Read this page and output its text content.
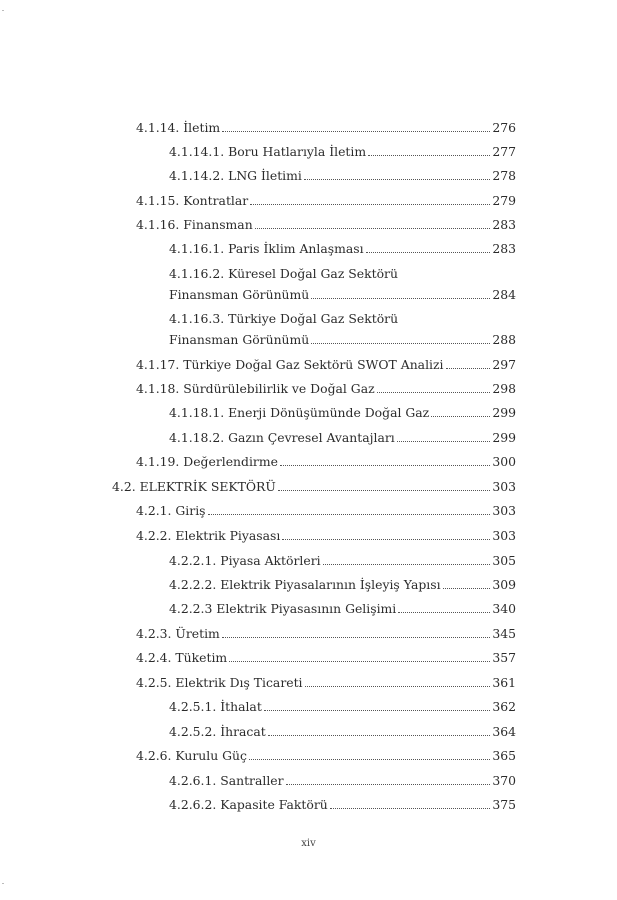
4.1.14. İletim	276
4.1.14.1. Boru Hatlarıyla İletim	277
4.1.14.2. LNG İletimi	278
4.1.15. Kontratlar	279
4.1.16. Finansman	283
4.1.16.1. Paris İklim Anlaşması	283
4.1.16.2. Küresel Doğal Gaz Sektörü
Finansman Görünümü	284
4.1.16.3. Türkiye Doğal Gaz Sektörü
Finansman Görünümü	288
4.1.17. Türkiye Doğal Gaz Sektörü SWOT Analizi	297
4.1.18. Sürdürülebilirlik ve Doğal Gaz	298
4.1.18.1. Enerji Dönüşümünde Doğal Gaz	299
4.1.18.2. Gazın Çevresel Avantajları	299
4.1.19. Değerlendirme	300
4.2. ELEKTRİK SEKTÖRÜ	303
4.2.1. Giriş	303
4.2.2. Elektrik Piyasası	303
4.2.2.1. Piyasa Aktörleri	305
4.2.2.2. Elektrik Piyasalarının İşleyiş Yapısı	309
4.2.2.3 Elektrik Piyasasının Gelişimi	340
4.2.3. Üretim	345
4.2.4. Tüketim	357
4.2.5. Elektrik Dış Ticareti	361
4.2.5.1. İthalat	362
4.2.5.2. İhracat	364
4.2.6. Kurulu Güç	365
4.2.6.1. Santraller	370
4.2.6.2. Kapasite Faktörü	375
xiv
